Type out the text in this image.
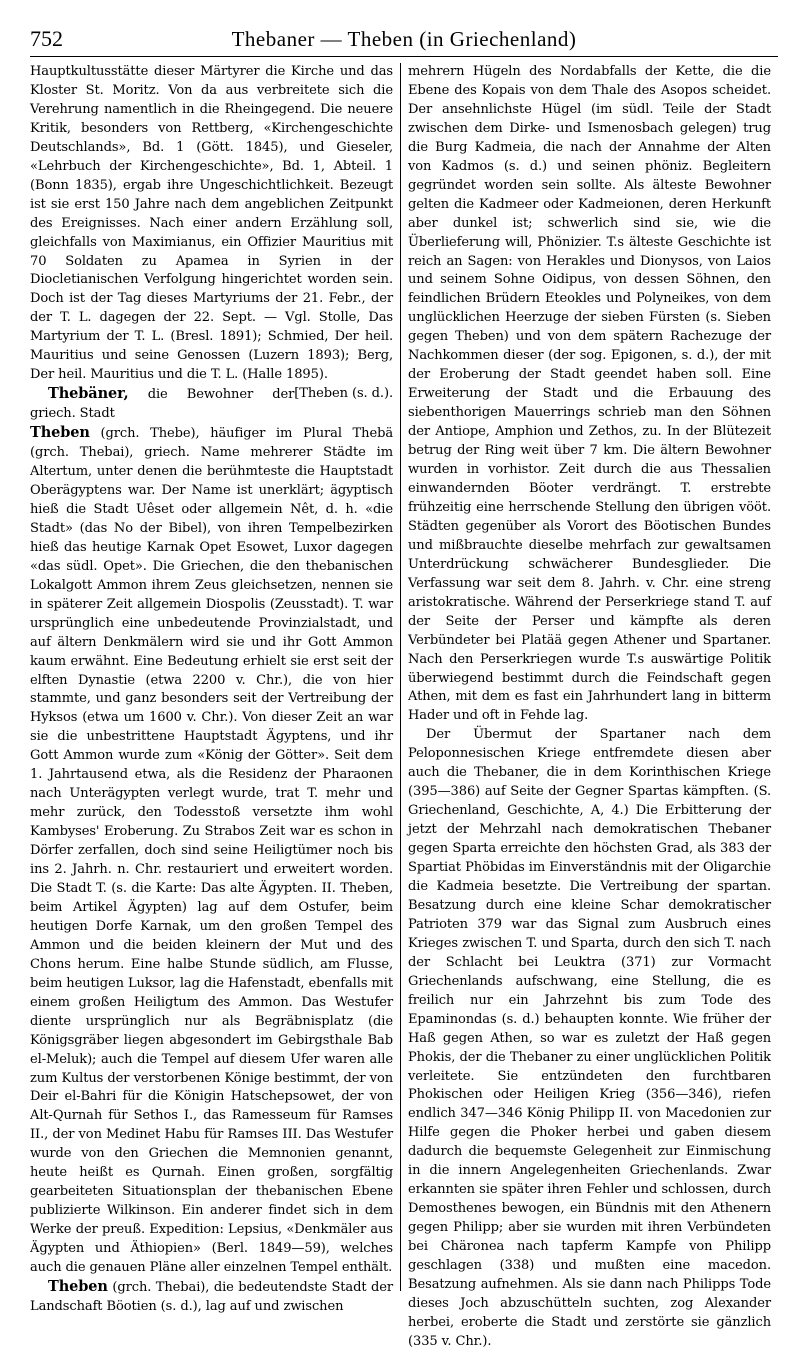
752	Thebaner — Theben (in Griechenland)

Hauptkultusstätte dieser Märtyrer die Kirche und das Kloster St. Moritz. Von da aus verbreitete sich die Verehrung namentlich in die Rheingegend. Die neuere Kritik, besonders von Rettberg, «Kirchengeschichte Deutschlands», Bd. 1 (Gött. 1845), und Gieseler, «Lehrbuch der Kirchengeschichte», Bd. 1, Abteil. 1 (Bonn 1835), ergab ihre Ungeschichtlichkeit. Bezeugt ist sie erst 150 Jahre nach dem angeblichen Zeitpunkt des Ereignisses. Nach einer andern Erzählung soll, gleichfalls von Maximianus, ein Offizier Mauritius mit 70 Soldaten zu Apamea in Syrien in der Diocletianischen Verfolgung hingerichtet worden sein. Doch ist der Tag dieses Martyriums der 21. Febr., der der T. L. dagegen der 22. Sept. — Vgl. Stolle, Das Martyrium der T. L. (Bresl. 1891); Schmied, Der heil. Mauritius und seine Genossen (Luzern 1893); Berg, Der heil. Mauritius und die T. L. (Halle 1895).
[Theben (s. d.).

Thebäner, die Bewohner der griech. Stadt

Theben (grch. Thebe), häufiger im Plural Thebä (grch. Thebai), griech. Name mehrerer Städte im Altertum, unter denen die berühmteste die Hauptstadt Oberägyptens war. Der Name ist unerklärt; ägyptisch hieß die Stadt Uêset oder allgemein Nêt, d. h. «die Stadt» (das No der Bibel), von ihren Tempelbezirken hieß das heutige Karnak Opet Esowet, Luxor dagegen «das südl. Opet». Die Griechen, die den thebanischen Lokalgott Ammon ihrem Zeus gleichsetzen, nennen sie in späterer Zeit allgemein Diospolis (Zeusstadt). T. war ursprünglich eine unbedeutende Provinzialstadt, und auf ältern Denkmälern wird sie und ihr Gott Ammon kaum erwähnt. Eine Bedeutung erhielt sie erst seit der elften Dynastie (etwa 2200 v. Chr.), die von hier stammte, und ganz besonders seit der Vertreibung der Hyksos (etwa um 1600 v. Chr.). Von dieser Zeit an war sie die unbestrittene Hauptstadt Ägyptens, und ihr Gott Ammon wurde zum «König der Götter». Seit dem 1. Jahrtausend etwa, als die Residenz der Pharaonen nach Unterägypten verlegt wurde, trat T. mehr und mehr zurück, den Todesstoß versetzte ihm wohl Kambyses' Eroberung. Zu Strabos Zeit war es schon in Dörfer zerfallen, doch sind seine Heiligtümer noch bis ins 2. Jahrh. n. Chr. restauriert und erweitert worden. Die Stadt T. (s. die Karte: Das alte Ägypten. II. Theben, beim Artikel Ägypten) lag auf dem Ostufer, beim heutigen Dorfe Karnak, um den großen Tempel des Ammon und die beiden kleinern der Mut und des Chons herum. Eine halbe Stunde südlich, am Flusse, beim heutigen Luksor, lag die Hafenstadt, ebenfalls mit einem großen Heiligtum des Ammon. Das Westufer diente ursprünglich nur als Begräbnisplatz (die Königsgräber liegen abgesondert im Gebirgsthale Bab el-Meluk); auch die Tempel auf diesem Ufer waren alle zum Kultus der verstorbenen Könige bestimmt, der von Deir el-Bahri für die Königin Hatschepsowet, der von Alt-Qurnah für Sethos I., das Ramesseum für Ramses II., der von Medinet Habu für Ramses III. Das Westufer wurde von den Griechen die Memnonien genannt, heute heißt es Qurnah. Einen großen, sorgfältig gearbeiteten Situationsplan der thebanischen Ebene publizierte Wilkinson. Ein anderer findet sich in dem Werke der preuß. Expedition: Lepsius, «Denkmäler aus Ägypten und Äthiopien» (Berl. 1849—59), welches auch die genauen Pläne aller einzelnen Tempel enthält.

Theben (grch. Thebai), die bedeutendste Stadt der Landschaft Böotien (s. d.), lag auf und zwischen

mehrern Hügeln des Nordabfalls der Kette, die die Ebene des Kopais von dem Thale des Asopos scheidet. Der ansehnlichste Hügel (im südl. Teile der Stadt zwischen dem Dirke- und Ismenosbach gelegen) trug die Burg Kadmeia, die nach der Annahme der Alten von Kadmos (s. d.) und seinen phöniz. Begleitern gegründet worden sein sollte. Als älteste Bewohner gelten die Kadmeer oder Kadmeionen, deren Herkunft aber dunkel ist; schwerlich sind sie, wie die Überlieferung will, Phönizier. T.s älteste Geschichte ist reich an Sagen: von Herakles und Dionysos, von Laios und seinem Sohne Oidipus, von dessen Söhnen, den feindlichen Brüdern Eteokles und Polyneikes, von dem unglücklichen Heerzuge der sieben Fürsten (s. Sieben gegen Theben) und von dem spätern Rachezuge der Nachkommen dieser (der sog. Epigonen, s. d.), der mit der Eroberung der Stadt geendet haben soll. Eine Erweiterung der Stadt und die Erbauung des siebenthorigen Mauerrings schrieb man den Söhnen der Antiope, Amphion und Zethos, zu. In der Blütezeit betrug der Ring weit über 7 km. Die ältern Bewohner wurden in vorhistor. Zeit durch die aus Thessalien einwandernden Böoter verdrängt. T. erstrebte frühzeitig eine herrschende Stellung den übrigen vööt. Städten gegenüber als Vorort des Böotischen Bundes und mißbrauchte dieselbe mehrfach zur gewaltsamen Unterdrückung schwächerer Bundesglieder. Die Verfassung war seit dem 8. Jahrh. v. Chr. eine streng aristokratische. Während der Perserkriege stand T. auf der Seite der Perser und kämpfte als deren Verbündeter bei Platää gegen Athener und Spartaner. Nach den Perserkriegen wurde T.s auswärtige Politik überwiegend bestimmt durch die Feindschaft gegen Athen, mit dem es fast ein Jahrhundert lang in bitterm Hader und oft in Fehde lag.

Der Übermut der Spartaner nach dem Peloponnesischen Kriege entfremdete diesen aber auch die Thebaner, die in dem Korinthischen Kriege (395—386) auf Seite der Gegner Spartas kämpften. (S. Griechenland, Geschichte, A, 4.) Die Erbitterung der jetzt der Mehrzahl nach demokratischen Thebaner gegen Sparta erreichte den höchsten Grad, als 383 der Spartiat Phöbidas im Einverständnis mit der Oligarchie die Kadmeia besetzte. Die Vertreibung der spartan. Besatzung durch eine kleine Schar demokratischer Patrioten 379 war das Signal zum Ausbruch eines Krieges zwischen T. und Sparta, durch den sich T. nach der Schlacht bei Leuktra (371) zur Vormacht Griechenlands aufschwang, eine Stellung, die es freilich nur ein Jahrzehnt bis zum Tode des Epaminondas (s. d.) behaupten konnte. Wie früher der Haß gegen Athen, so war es zuletzt der Haß gegen Phokis, der die Thebaner zu einer unglücklichen Politik verleitete. Sie entzündeten den furchtbaren Phokischen oder Heiligen Krieg (356—346), riefen endlich 347—346 König Philipp II. von Macedonien zur Hilfe gegen die Phoker herbei und gaben diesem dadurch die bequemste Gelegenheit zur Einmischung in die innern Angelegenheiten Griechenlands. Zwar erkannten sie später ihren Fehler und schlossen, durch Demosthenes bewogen, ein Bündnis mit den Athenern gegen Philipp; aber sie wurden mit ihren Verbündeten bei Chäronea nach tapferm Kampfe von Philipp geschlagen (338) und mußten eine macedon. Besatzung aufnehmen. Als sie dann nach Philipps Tode dieses Joch abzuschütteln suchten, zog Alexander herbei, eroberte die Stadt und zerstörte sie gänzlich (335 v. Chr.).
